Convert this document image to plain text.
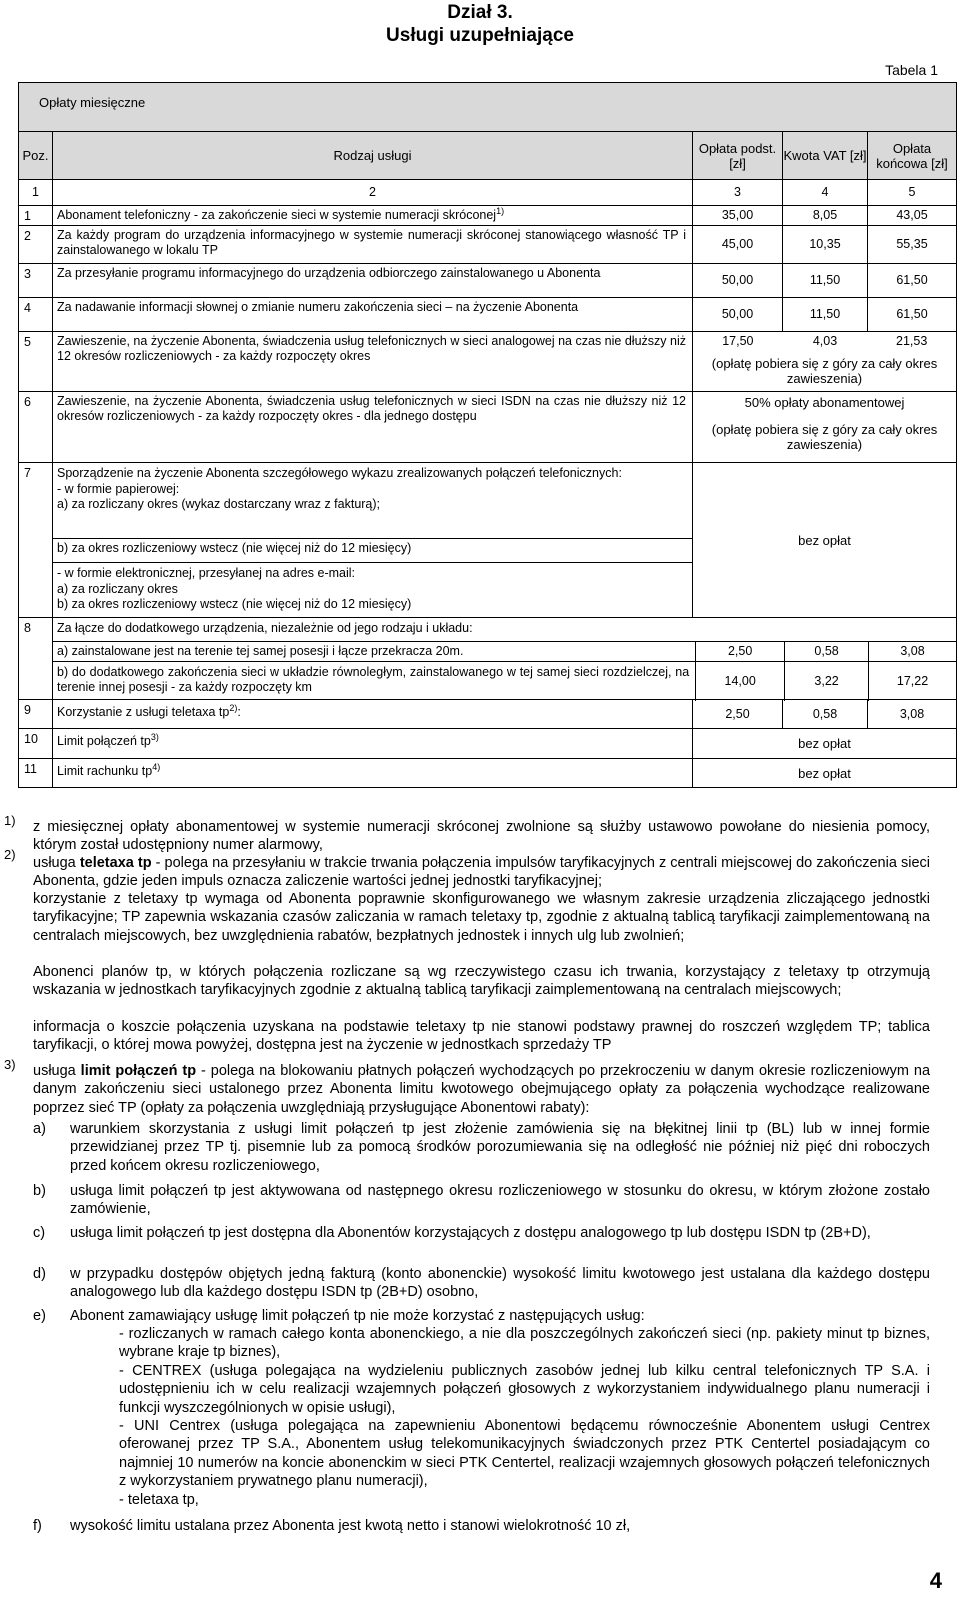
Dział 3.
Usługi uzupełniające
Tabela 1
Opłaty miesięczne
Poz.	Rodzaj usługi	Opłata podst.[zł]	Kwota VAT [zł]	Opłata końcowa [zł]
1	2	3	4	5
1	Abonament telefoniczny - za zakończenie sieci w systemie numeracji skróconej$^{1)}$	35,00	8,05	43,05
2	Za każdy program do urządzenia informacyjnego w systemie numeracji skróconej stanowiącego własność TP i zainstalowanego w lokalu TP	45,00	10,35	55,35
3	Za przesyłanie programu informacyjnego do urządzenia odbiorczego zainstalowanego u Abonenta	50,00	11,50	61,50
4	Za nadawanie informacji słownej o zmianie numeru zakończenia sieci – na życzenie Abonenta	50,00	11,50	61,50
5	Zawieszenie, na życzenie Abonenta, świadczenia usług telefonicznych w sieci analogowej na czas nie dłuższy niż 12 okresów rozliczeniowych - za każdy rozpoczęty okres
17,50	4,03	21,53
(opłatę pobiera się z góry za cały okres zawieszenia)
6	Zawieszenie, na życzenie Abonenta, świadczenia usług telefonicznych w sieci ISDN na czas nie dłuższy niż 12 okresów rozliczeniowych - za każdy rozpoczęty okres - dla jednego dostępu
50% opłaty abonamentowej
(opłatę pobiera się z góry za cały okres zawieszenia)
7	Sporządzenie na życzenie Abonenta szczegółowego wykazu zrealizowanych połączeń telefonicznych:
- w formie papierowej:
a) za rozliczany okres (wykaz dostarczany wraz z fakturą);
b) za okres rozliczeniowy wstecz (nie więcej niż do 12 miesięcy)
- w formie elektronicznej, przesyłanej na adres e-mail:
a) za rozliczany okres
b) za okres rozliczeniowy wstecz (nie więcej niż do 12 miesięcy)
bez opłat
8	Za łącze do dodatkowego urządzenia, niezależnie od jego rodzaju i układu:
a) zainstalowane jest na terenie tej samej posesji i łącze przekracza 20m.	2,50	0,58	3,08
b) do dodatkowego zakończenia sieci w układzie równoległym, zainstalowanego w tej samej sieci rozdzielczej, na terenie innej posesji - za każdy rozpoczęty km	14,00	3,22	17,22
9	Korzystanie z usługi teletaxa $tp^{2)}$:	2,50	0,58	3,08
10	Limit połączeń $tp^{3)}$	bez opłat
11	Limit rachunku $tp^{4)}$	bez opłat
1)
2)
3)
z miesięcznej opłaty abonamentowej w systemie numeracji skróconej zwolnione są służby ustawowo powołane do niesienia pomocy, którym został udostępniony numer alarmowy,
usługa teletaxa tp - polega na przesyłaniu w trakcie trwania połączenia impulsów taryfikacyjnych z centrali miejscowej do zakończenia sieci Abonenta, gdzie jeden impuls oznacza zaliczenie wartości jednej jednostki taryfikacyjnej;
korzystanie z teletaxy tp wymaga od Abonenta poprawnie skonfigurowanego we własnym zakresie urządzenia zliczającego jednostki taryfikacyjne; TP zapewnia wskazania czasów zaliczania w ramach teletaxy tp, zgodnie z aktualną tablicą taryfikacji zaimplementowaną na centralach miejscowych, bez uwzględnienia rabatów, bezpłatnych jednostek i innych ulg lub zwolnień;
Abonenci planów tp, w których połączenia rozliczane są wg rzeczywistego czasu ich trwania, korzystający z teletaxy tp otrzymują wskazania w jednostkach taryfikacyjnych zgodnie z aktualną tablicą taryfikacji zaimplementowaną na centralach miejscowych;
informacja o koszcie połączenia uzyskana na podstawie teletaxy tp nie stanowi podstawy prawnej do roszczeń względem TP; tablica taryfikacji, o której mowa powyżej, dostępna jest na życzenie w jednostkach sprzedaży TP
usługa limit połączeń tp - polega na blokowaniu płatnych połączeń wychodzących po przekroczeniu w danym okresie rozliczeniowym na danym zakończeniu sieci ustalonego przez Abonenta limitu kwotowego obejmującego opłaty za połączenia wychodzące realizowane poprzez sieć TP (opłaty za połączenia uwzględniają przysługujące Abonentowi rabaty):
a) warunkiem skorzystania z usługi limit połączeń tp jest złożenie zamówienia się na błękitnej linii tp (BL) lub w innej formie przewidzianej przez TP tj. pisemnie lub za pomocą środków porozumiewania się na odległość nie później niż pięć dni roboczych przed końcem okresu rozliczeniowego,
b) usługa limit połączeń tp jest aktywowana od następnego okresu rozliczeniowego w stosunku do okresu, w którym złożone zostało zamówienie,
c) usługa limit połączeń tp jest dostępna dla Abonentów korzystających z dostępu analogowego tp lub dostępu ISDN tp (2B+D),
d) w przypadku dostępów objętych jedną fakturą (konto abonenckie) wysokość limitu kwotowego jest ustalana dla każdego dostępu analogowego lub dla każdego dostępu ISDN tp (2B+D) osobno,
e) Abonent zamawiający usługę limit połączeń tp nie może korzystać z następujących usług:
- rozliczanych w ramach całego konta abonenckiego, a nie dla poszczególnych zakończeń sieci (np. pakiety minut tp biznes, wybrane kraje tp biznes),
- CENTREX (usługa polegająca na wydzieleniu publicznych zasobów jednej lub kilku central telefonicznych TP S.A. i udostępnieniu ich w celu realizacji wzajemnych połączeń głosowych z wykorzystaniem indywidualnego planu numeracji i funkcji wyszczególnionych w opisie usługi),
- UNI Centrex (usługa polegająca na zapewnieniu Abonentowi będącemu równocześnie Abonentem usługi Centrex oferowanej przez TP S.A., Abonentem usług telekomunikacyjnych świadczonych przez PTK Centertel posiadającym co najmniej 10 numerów na koncie abonenckim w sieci PTK Centertel, realizacji wzajemnych głosowych połączeń telefonicznych z wykorzystaniem prywatnego planu numeracji),
- teletaxa tp,
f) wysokość limitu ustalana przez Abonenta jest kwotą netto i stanowi wielokrotność 10 zł,
4
